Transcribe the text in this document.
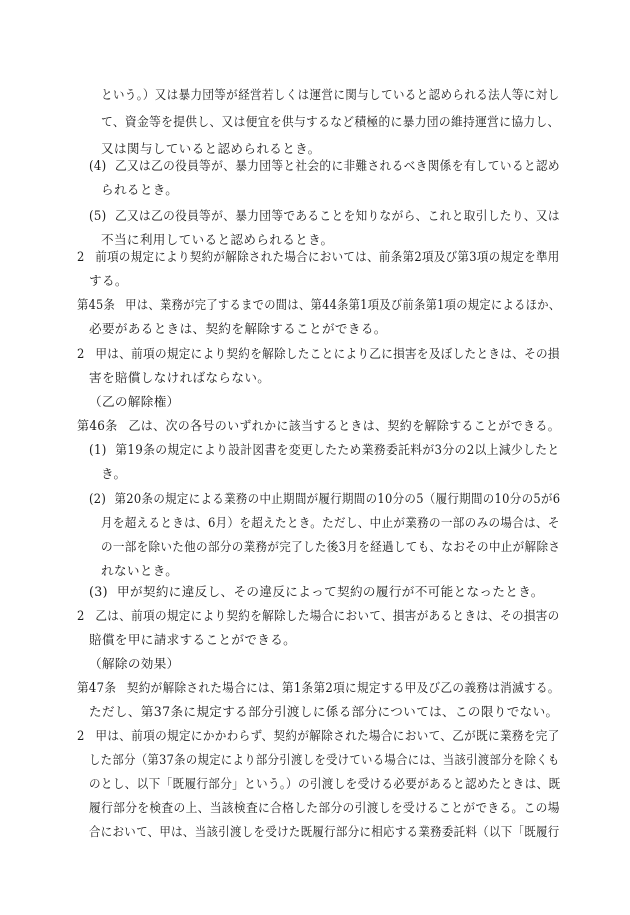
という。）又は暴力団等が経営若しくは運営に関与していると認められる法人等に対し
て、資金等を提供し、又は便宜を供与するなど積極的に暴力団の維持運営に協力し、
又は関与していると認められるとき。
(4) 乙又は乙の役員等が、暴力団等と社会的に非難されるべき関係を有していると認め
られるとき。
(5) 乙又は乙の役員等が、暴力団等であることを知りながら、これと取引したり、又は
不当に利用していると認められるとき。
2 前項の規定により契約が解除された場合においては、前条第2項及び第3項の規定を準用
する。
第45条 甲は、業務が完了するまでの間は、第44条第1項及び前条第1項の規定によるほか、
必要があるときは、契約を解除することができる。
2 甲は、前項の規定により契約を解除したことにより乙に損害を及ぼしたときは、その損
害を賠償しなければならない。
（乙の解除権）
第46条 乙は、次の各号のいずれかに該当するときは、契約を解除することができる。
(1) 第19条の規定により設計図書を変更したため業務委託料が3分の2以上減少したと
き。
(2) 第20条の規定による業務の中止期間が履行期間の10分の5（履行期間の10分の5が6
月を超えるときは、6月）を超えたとき。ただし、中止が業務の一部のみの場合は、そ
の一部を除いた他の部分の業務が完了した後3月を経過しても、なおその中止が解除さ
れないとき。
(3) 甲が契約に違反し、その違反によって契約の履行が不可能となったとき。
2 乙は、前項の規定により契約を解除した場合において、損害があるときは、その損害の
賠償を甲に請求することができる。
（解除の効果）
第47条 契約が解除された場合には、第1条第2項に規定する甲及び乙の義務は消滅する。
ただし、第37条に規定する部分引渡しに係る部分については、この限りでない。
2 甲は、前項の規定にかかわらず、契約が解除された場合において、乙が既に業務を完了
した部分（第37条の規定により部分引渡しを受けている場合には、当該引渡部分を除くも
のとし、以下「既履行部分」という。）の引渡しを受ける必要があると認めたときは、既
履行部分を検査の上、当該検査に合格した部分の引渡しを受けることができる。この場
合において、甲は、当該引渡しを受けた既履行部分に相応する業務委託料（以下「既履行
